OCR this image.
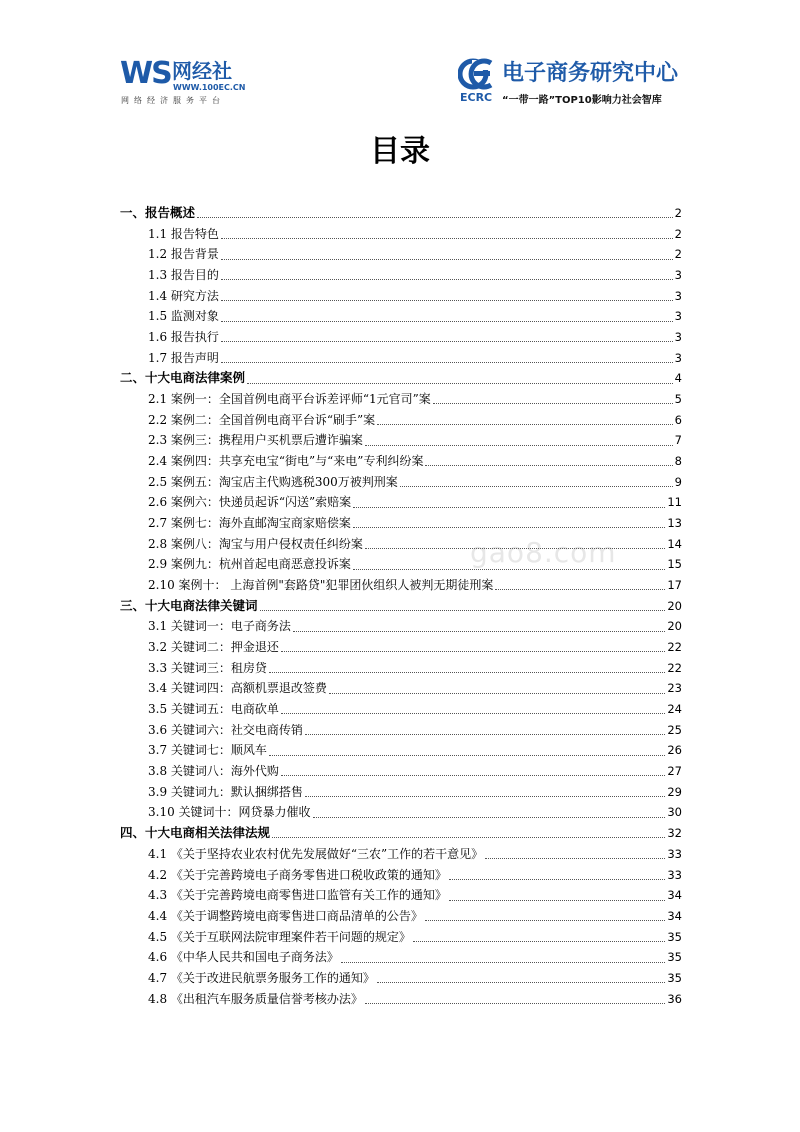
WS 网经社
WWW.100EC.CN
网络经济服务平台
电子商务研究中心
ECRC “一带一路”TOP10影响力社会智库
目录
一、报告概述	2
1.1 报告特色	2
1.2 报告背景	2
1.3 报告目的	3
1.4 研究方法	3
1.5 监测对象	3
1.6 报告执行	3
1.7 报告声明	3
二、十大电商法律案例	4
2.1 案例一：全国首例电商平台诉差评师“1元官司”案	5
2.2 案例二：全国首例电商平台诉“刷手”案	6
2.3 案例三：携程用户买机票后遭诈骗案	7
2.4 案例四：共享充电宝“街电”与“来电”专利纠纷案	8
2.5 案例五：淘宝店主代购逃税300万被判刑案	9
2.6 案例六：快递员起诉“闪送”索赔案	11
2.7 案例七：海外直邮淘宝商家赔偿案	13
2.8 案例八：淘宝与用户侵权责任纠纷案	14
2.9 案例九：杭州首起电商恶意投诉案	15
2.10 案例十： 上海首例"套路贷"犯罪团伙组织人被判无期徒刑案	17
三、十大电商法律关键词	20
3.1 关键词一：电子商务法	20
3.2 关键词二：押金退还	22
3.3 关键词三：租房贷	22
3.4 关键词四：高额机票退改签费	23
3.5 关键词五：电商砍单	24
3.6 关键词六：社交电商传销	25
3.7 关键词七：顺风车	26
3.8 关键词八：海外代购	27
3.9 关键词九：默认捆绑搭售	29
3.10 关键词十：网贷暴力催收	30
四、十大电商相关法律法规	32
4.1 《关于坚持农业农村优先发展做好“三农”工作的若干意见》	33
4.2 《关于完善跨境电子商务零售进口税收政策的通知》	33
4.3 《关于完善跨境电商零售进口监管有关工作的通知》	34
4.4 《关于调整跨境电商零售进口商品清单的公告》	34
4.5 《关于互联网法院审理案件若干问题的规定》	35
4.6 《中华人民共和国电子商务法》	35
4.7 《关于改进民航票务服务工作的通知》	35
4.8 《出租汽车服务质量信誉考核办法》	36
gao8.com
